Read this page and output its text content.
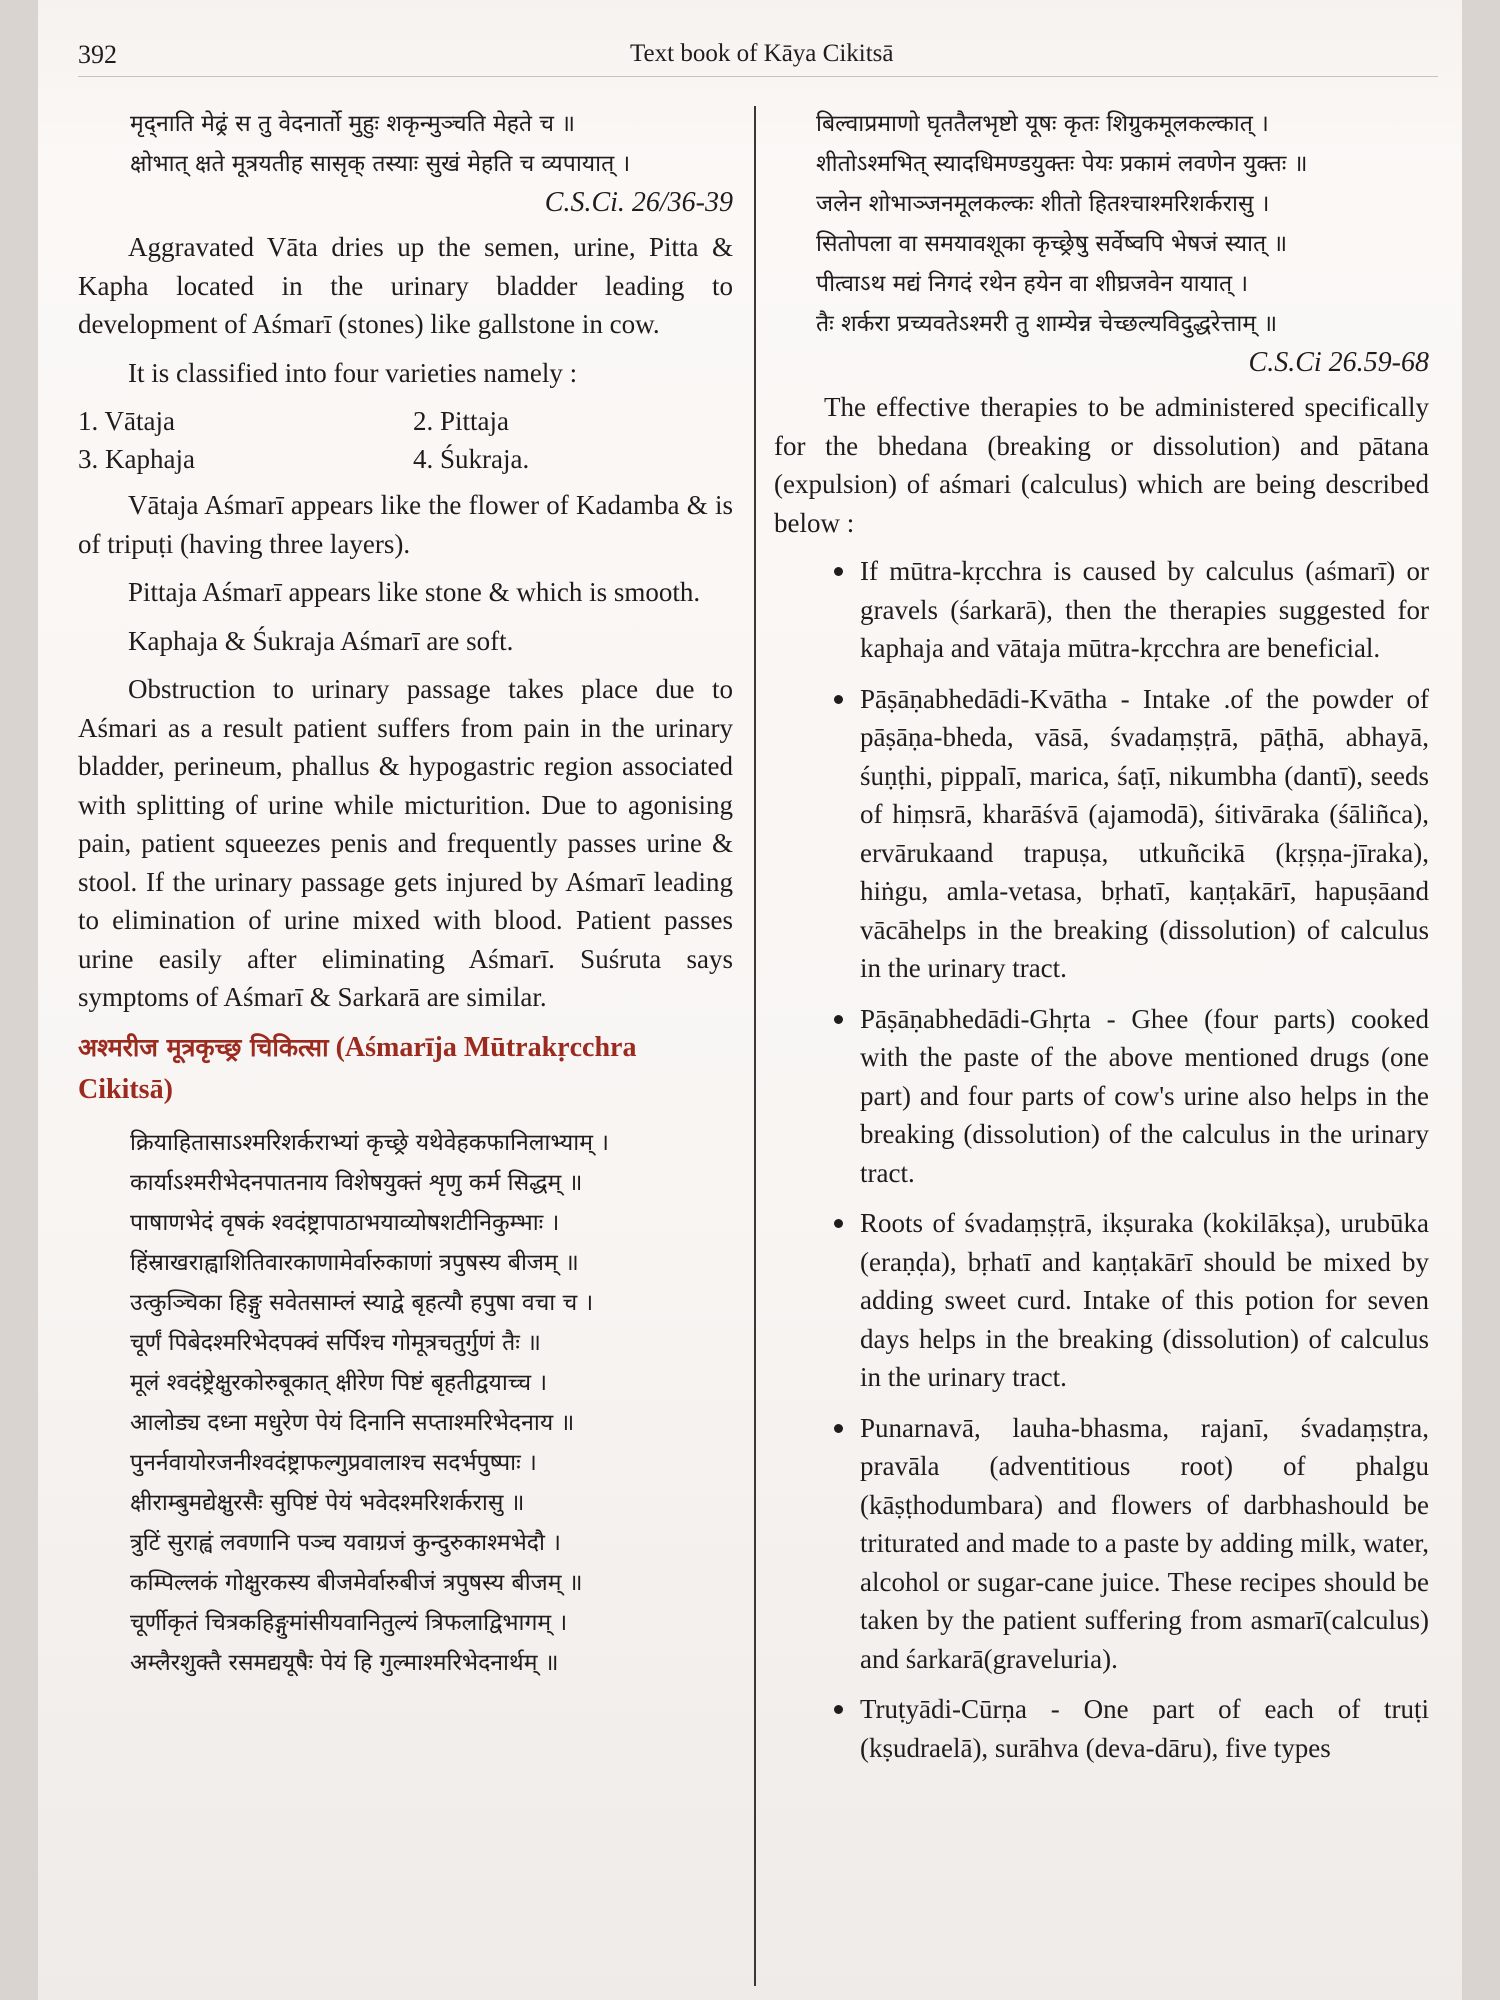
392	Text book of Kāya Cikitsā

मृद्नाति मेढ्रं स तु वेदनार्तो मुहुः शकृन्मुञ्चति मेहते च ॥

क्षोभात् क्षते मूत्रयतीह सासृक् तस्याः सुखं मेहति च व्यपायात् ।

C.S.Ci. 26/36-39

Aggravated Vāta dries up the semen, urine, Pitta & Kapha located in the urinary bladder leading to development of Aśmarī (stones) like gallstone in cow.

It is classified into four varieties namely :

1. Vātaja	2. Pittaja
3. Kaphaja	4. Śukraja.

Vātaja Aśmarī appears like the flower of Kadamba & is of tripuṭi (having three layers).

Pittaja Aśmarī appears like stone & which is smooth.

Kaphaja & Śukraja Aśmarī are soft.

Obstruction to urinary passage takes place due to Aśmari as a result patient suffers from pain in the urinary bladder, perineum, phallus & hypogastric region associated with splitting of urine while micturition. Due to agonising pain, patient squeezes penis and frequently passes urine & stool. If the urinary passage gets injured by Aśmarī leading to elimination of urine mixed with blood. Patient passes urine easily after eliminating Aśmarī. Suśruta says symptoms of Aśmarī & Sarkarā are similar.

अश्मरीज मूत्रकृच्छ्र चिकित्सा (Aśmarīja Mūtrakṛcchra Cikitsā)

क्रियाहितासाऽश्मरिशर्कराभ्यां कृच्छ्रे यथेवेहकफानिलाभ्याम् ।

कार्याऽश्मरीभेदनपातनाय विशेषयुक्तं शृणु कर्म सिद्धम् ॥

पाषाणभेदं वृषकं श्वदंष्ट्रापाठाभयाव्योषशटीनिकुम्भाः ।

हिंस्राखराह्वाशितिवारकाणामेर्वारुकाणां त्रपुषस्य बीजम् ॥

उत्कुञ्चिका हिङ्गु सवेतसाम्लं स्याद्वे बृहत्यौ हपुषा वचा च ।

चूर्णं पिबेदश्मरिभेदपक्वं सर्पिश्च गोमूत्रचतुर्गुणं तैः ॥

मूलं श्वदंष्ट्रेक्षुरकोरुबूकात् क्षीरेण पिष्टं बृहतीद्वयाच्च ।

आलोड्य दध्ना मधुरेण पेयं दिनानि सप्ताश्मरिभेदनाय ॥

पुनर्नवायोरजनीश्वदंष्ट्राफल्गुप्रवालाश्च सदर्भपुष्पाः ।

क्षीराम्बुमद्येक्षुरसैः सुपिष्टं पेयं भवेदश्मरिशर्करासु ॥

त्रुटिं सुराह्वं लवणानि पञ्च यवाग्रजं कुन्दुरुकाश्मभेदौ ।

कम्पिल्लकं गोक्षुरकस्य बीजमेर्वारुबीजं त्रपुषस्य बीजम् ॥

चूर्णीकृतं चित्रकहिङ्गुमांसीयवानितुल्यं त्रिफलाद्विभागम् ।

अम्लैरशुक्तै रसमद्ययूषैः पेयं हि गुल्माश्मरिभेदनार्थम् ॥

बिल्वाप्रमाणो घृततैलभृष्टो यूषः कृतः शिग्रुकमूलकल्कात् ।

शीतोऽश्मभित् स्यादधिमण्डयुक्तः पेयः प्रकामं लवणेन युक्तः ॥

जलेन शोभाञ्जनमूलकल्कः शीतो हितश्चाश्मरिशर्करासु ।

सितोपला वा समयावशूका कृच्छ्रेषु सर्वेष्वपि भेषजं स्यात् ॥

पीत्वाऽथ मद्यं निगदं रथेन हयेन वा शीघ्रजवेन यायात् ।

तैः शर्करा प्रच्यवतेऽश्मरी तु शाम्येन्न चेच्छल्यविदुद्धरेत्ताम् ॥

C.S.Ci 26.59-68

The effective therapies to be administered specifically for the bhedana (breaking or dissolution) and pātana (expulsion) of aśmari (calculus) which are being described below :

If mūtra-kṛcchra is caused by calculus (aśmarī) or gravels (śarkarā), then the therapies suggested for kaphaja and vātaja mūtra-kṛcchra are beneficial.
Pāṣāṇabhedādi-Kvātha - Intake .of the powder of pāṣāṇa-bheda, vāsā, śvadaṃṣṭrā, pāṭhā, abhayā, śuṇṭhi, pippalī, marica, śaṭī, nikumbha (dantī), seeds of hiṃsrā, kharāśvā (ajamodā), śitivāraka (śāliñca), ervārukaand trapuṣa, utkuñcikā (kṛṣṇa-jīraka), hiṅgu, amla-vetasa, bṛhatī, kaṇṭakārī, hapuṣāand vācāhelps in the breaking (dissolution) of calculus in the urinary tract.
Pāṣāṇabhedādi-Ghṛta - Ghee (four parts) cooked with the paste of the above mentioned drugs (one part) and four parts of cow's urine also helps in the breaking (dissolution) of the calculus in the urinary tract.
Roots of śvadaṃṣṭrā, ikṣuraka (kokilākṣa), urubūka (eraṇḍa), bṛhatī and kaṇṭakārī should be mixed by adding sweet curd. Intake of this potion for seven days helps in the breaking (dissolution) of calculus in the urinary tract.
Punarnavā, lauha-bhasma, rajanī, śvadaṃṣtra, pravāla (adventitious root) of phalgu (kāṣṭhodumbara) and flowers of darbhashould be triturated and made to a paste by adding milk, water, alcohol or sugar-cane juice. These recipes should be taken by the patient suffering from asmarī(calculus) and śarkarā(graveluria).
Truṭyādi-Cūrṇa - One part of each of truṭi (kṣudraelā), surāhva (deva-dāru), five types
